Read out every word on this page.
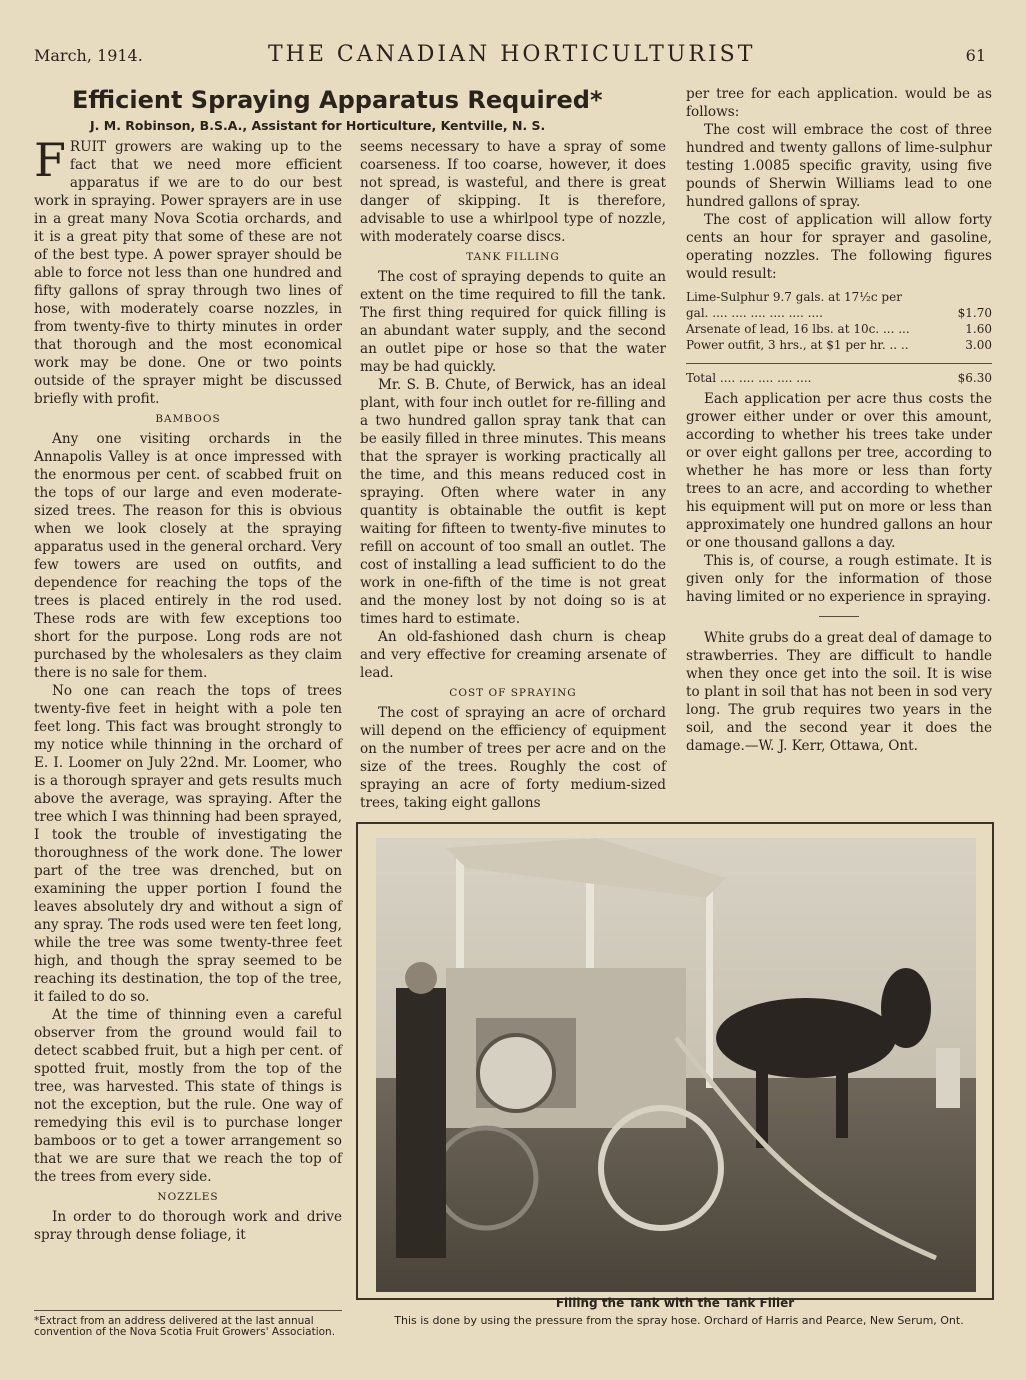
March, 1914.	THE CANADIAN HORTICULTURIST	61
Efficient Spraying Apparatus Required*
J. M. Robinson, B.S.A., Assistant for Horticulture, Kentville, N. S.

FRUIT growers are waking up to the fact that we need more efficient apparatus if we are to do our best work in spraying. Power sprayers are in use in a great many Nova Scotia orchards, and it is a great pity that some of these are not of the best type. A power sprayer should be able to force not less than one hundred and fifty gallons of spray through two lines of hose, with moderately coarse nozzles, in from twenty-five to thirty minutes in order that thorough and the most economical work may be done. One or two points outside of the sprayer might be discussed briefly with profit.

BAMBOOS

Any one visiting orchards in the Annapolis Valley is at once impressed with the enormous per cent. of scabbed fruit on the tops of our large and even moderate-sized trees. The reason for this is obvious when we look closely at the spraying apparatus used in the general orchard. Very few towers are used on outfits, and dependence for reaching the tops of the trees is placed entirely in the rod used. These rods are with few exceptions too short for the purpose. Long rods are not purchased by the wholesalers as they claim there is no sale for them.

No one can reach the tops of trees twenty-five feet in height with a pole ten feet long. This fact was brought strongly to my notice while thinning in the orchard of E. I. Loomer on July 22nd. Mr. Loomer, who is a thorough sprayer and gets results much above the average, was spraying. After the tree which I was thinning had been sprayed, I took the trouble of investigating the thoroughness of the work done. The lower part of the tree was drenched, but on examining the upper portion I found the leaves absolutely dry and without a sign of any spray. The rods used were ten feet long, while the tree was some twenty-three feet high, and though the spray seemed to be reaching its destination, the top of the tree, it failed to do so.

At the time of thinning even a careful observer from the ground would fail to detect scabbed fruit, but a high per cent. of spotted fruit, mostly from the top of the tree, was harvested. This state of things is not the exception, but the rule. One way of remedying this evil is to purchase longer bamboos or to get a tower arrangement so that we are sure that we reach the top of the trees from every side.

NOZZLES

In order to do thorough work and drive spray through dense foliage, it

*Extract from an address delivered at the last annual convention of the Nova Scotia Fruit Growers' Association.

seems necessary to have a spray of some coarseness. If too coarse, however, it does not spread, is wasteful, and there is great danger of skipping. It is therefore, advisable to use a whirlpool type of nozzle, with moderately coarse discs.

TANK FILLING

The cost of spraying depends to quite an extent on the time required to fill the tank. The first thing required for quick filling is an abundant water supply, and the second an outlet pipe or hose so that the water may be had quickly.

Mr. S. B. Chute, of Berwick, has an ideal plant, with four inch outlet for re-filling and a two hundred gallon spray tank that can be easily filled in three minutes. This means that the sprayer is working practically all the time, and this means reduced cost in spraying. Often where water in any quantity is obtainable the outfit is kept waiting for fifteen to twenty-five minutes to refill on account of too small an outlet. The cost of installing a lead sufficient to do the work in one-fifth of the time is not great and the money lost by not doing so is at times hard to estimate.

An old-fashioned dash churn is cheap and very effective for creaming arsenate of lead.

COST OF SPRAYING

The cost of spraying an acre of orchard will depend on the efficiency of equipment on the number of trees per acre and on the size of the trees. Roughly the cost of spraying an acre of forty medium-sized trees, taking eight gallons

per tree for each application. would be as follows:

The cost will embrace the cost of three hundred and twenty gallons of lime-sulphur testing 1.0085 specific gravity, using five pounds of Sherwin Williams lead to one hundred gallons of spray.

The cost of application will allow forty cents an hour for sprayer and gasoline, operating nozzles. The following figures would result:

Lime-Sulphur 9.7 gals. at 17½c per
gal. .... .... .... .... .... ....	$1.70
Arsenate of lead, 16 lbs. at 10c. ... ...	1.60
Power outfit, 3 hrs., at $1 per hr. .. ..	3.00
Total .... .... .... .... ....	$6.30

Each application per acre thus costs the grower either under or over this amount, according to whether his trees take under or over eight gallons per tree, according to whether he has more or less than forty trees to an acre, and according to whether his equipment will put on more or less than approximately one hundred gallons an hour or one thousand gallons a day.

This is, of course, a rough estimate. It is given only for the information of those having limited or no experience in spraying.

White grubs do a great deal of damage to strawberries. They are difficult to handle when they once get into the soil. It is wise to plant in soil that has not been in sod very long. The grub requires two years in the soil, and the second year it does the damage.—W. J. Kerr, Ottawa, Ont.

Filling the Tank with the Tank Filler
This is done by using the pressure from the spray hose. Orchard of Harris and Pearce, New Serum, Ont.
